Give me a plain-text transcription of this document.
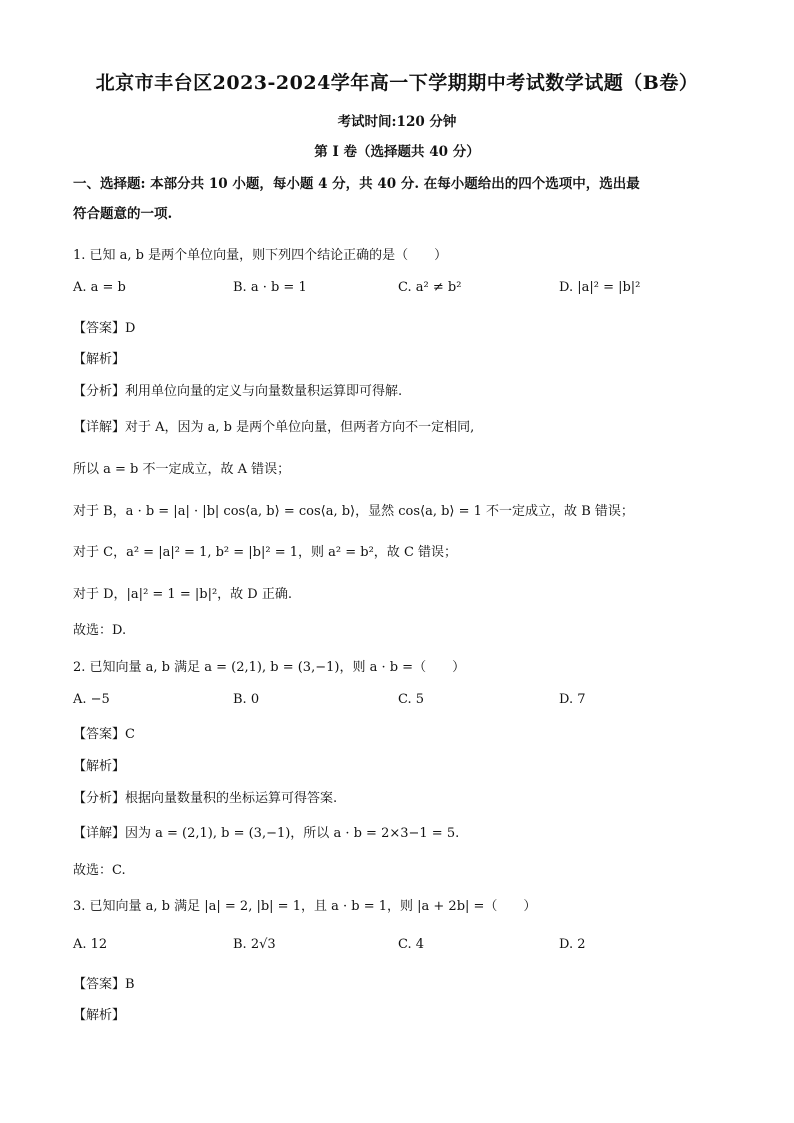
北京市丰台区2023-2024学年高一下学期期中考试数学试题（B卷）
考试时间:120 分钟
第 I 卷（选择题共 40 分）
一、选择题: 本部分共 10 小题，每小题 4 分，共 40 分. 在每小题给出的四个选项中，选出最
符合题意的一项.
1. 已知 a, b 是两个单位向量，则下列四个结论正确的是（　　）
A. a = b	B. a · b = 1	C. a² ≠ b²	D. |a|² = |b|²
【答案】D
【解析】
【分析】利用单位向量的定义与向量数量积运算即可得解.
【详解】对于 A，因为 a, b 是两个单位向量，但两者方向不一定相同,
所以 a = b 不一定成立，故 A 错误；
对于 B，a · b = |a| · |b| cos⟨a, b⟩ = cos⟨a, b⟩，显然 cos⟨a, b⟩ = 1 不一定成立，故 B 错误；
对于 C，a² = |a|² = 1, b² = |b|² = 1，则 a² = b²，故 C 错误；
对于 D，|a|² = 1 = |b|²，故 D 正确.
故选：D.
2. 已知向量 a, b 满足 a = (2,1), b = (3,−1)，则 a · b =（　　）
A. −5	B. 0	C. 5	D. 7
【答案】C
【解析】
【分析】根据向量数量积的坐标运算可得答案.
【详解】因为 a = (2,1), b = (3,−1)，所以 a · b = 2×3−1 = 5.
故选：C.
3. 已知向量 a, b 满足 |a| = 2, |b| = 1，且 a · b = 1，则 |a + 2b| =（　　）
A. 12	B. 2√3	C. 4	D. 2
【答案】B
【解析】
